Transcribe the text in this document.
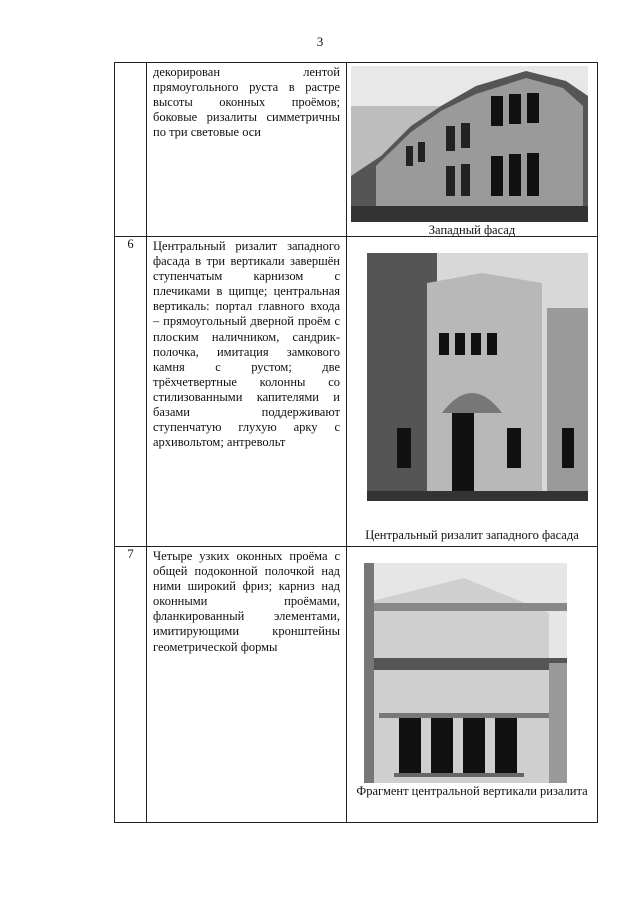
3

	декорирован лентой прямоугольного руста в растре высоты оконных проёмов; боковые ризалиты симметричны по три световые оси	Западный фасад

6	Центральный ризалит западного фасада в три вертикали завершён ступенчатым карнизом с плечиками в щипце; центральная вертикаль: портал главного входа – прямоугольный дверной проём с плоским наличником, сандрик-полочка, имитация замкового камня с рустом; две трёхчетвертные колонны со стилизованными капителями и базами поддерживают ступенчатую глухую арку с архивольтом; антревольт	Центральный ризалит западного фасада

7	Четыре узких оконных проёма с общей подоконной полочкой над ними широкий фриз; карниз над оконными проёмами, фланкированный элементами, имитирующими кронштейны геометрической формы	Фрагмент центральной вертикали ризалита
